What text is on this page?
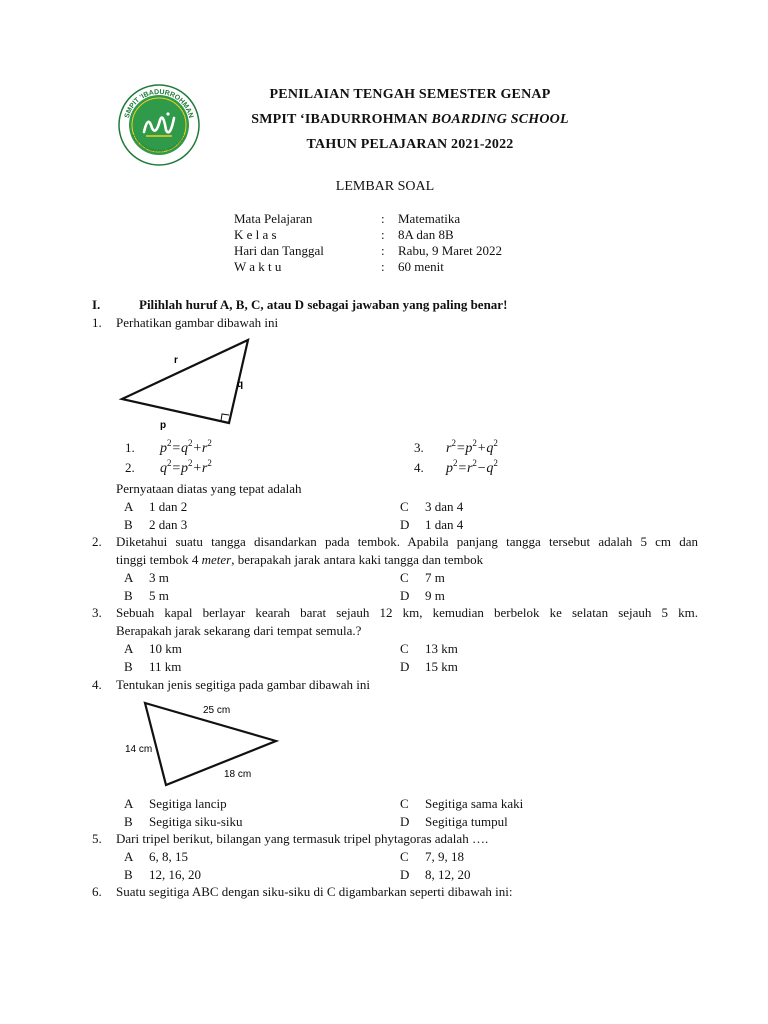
SMPIT 'IBADURROHMAN
KOTA TASIKMALAYA - JAWA BARAT
PENILAIAN TENGAH SEMESTER GENAP
SMPIT ‘IBADURROHMAN BOARDING SCHOOL
TAHUN PELAJARAN 2021-2022
LEMBAR SOAL
Mata Pelajaran	: Matematika
K e l a s	: 8A dan 8B
Hari dan Tanggal	: Rabu, 9 Maret 2022
W a k t u	: 60 menit
I.	Pilihlah huruf A, B, C, atau D sebagai jawaban yang paling benar!
1. Perhatikan gambar dibawah ini
r
q
p
1. $p^2=q^2+r^2$	3. $r^2=p^2+q^2$
2. $q^2=p^2+r^2$	4. $p^2=r^2-q^2$
Pernyataan diatas yang tepat adalah
A 1 dan 2	C 3 dan 4
B 2 dan 3	D 1 dan 4
2. Diketahui suatu tangga disandarkan pada tembok. Apabila panjang tangga tersebut adalah 5 cm dan
tinggi tembok 4 meter, berapakah jarak antara kaki tangga dan tembok
A 3 m	C 7 m
B 5 m	D 9 m
3. Sebuah kapal berlayar kearah barat sejauh 12 km, kemudian berbelok ke selatan sejauh 5 km.
Berapakah jarak sekarang dari tempat semula.?
A 10 km	C 13 km
B 11 km	D 15 km
4. Tentukan jenis segitiga pada gambar dibawah ini
25 cm
14 cm
18 cm
A Segitiga lancip	C Segitiga sama kaki
B Segitiga siku-siku	D Segitiga tumpul
5. Dari tripel berikut, bilangan yang termasuk tripel phytagoras adalah ….
A 6, 8, 15	C 7, 9, 18
B 12, 16, 20	D 8, 12, 20
6. Suatu segitiga ABC dengan siku-siku di C digambarkan seperti dibawah ini:
